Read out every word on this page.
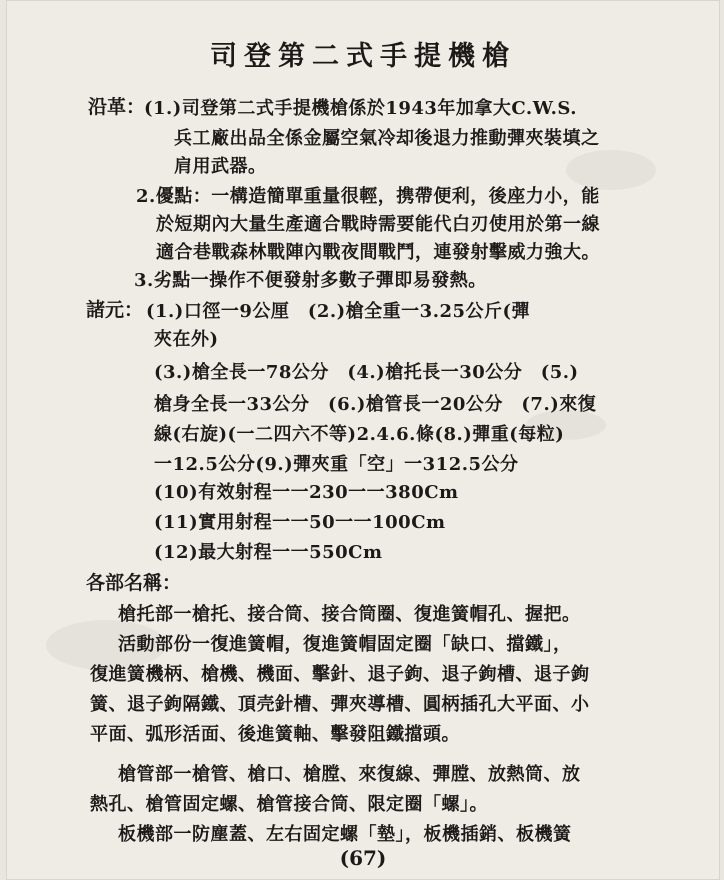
司登第二式手提機槍
沿革：
(1.)司登第二式手提機槍係於1943年加拿大C.W.S.
兵工廠出品全係金屬空氣冷却後退力推動彈夾裝填之
肩用武器。
2.優點：一構造簡單重量很輕，携帶便利，後座力小，能
於短期內大量生產適合戰時需要能代白刃使用於第一線
適合巷戰森林戰陣內戰夜間戰鬥，連發射擊威力強大。
3.劣點一操作不便發射多數子彈即易發熱。
諸元： (1.)口徑一9公厘　(2.)槍全重一3.25公斤(彈
夾在外)
(3.)槍全長一78公分　(4.)槍托長一30公分　(5.)
槍身全長一33公分　(6.)槍管長一20公分　(7.)來復
線(右旋)(一二四六不等)2.4.6.條(8.)彈重(每粒)
一12.5公分(9.)彈夾重「空」一312.5公分
(10)有效射程一一230一一380Cm
(11)實用射程一一50一一100Cm
(12)最大射程一一550Cm
各部名稱：
槍托部一槍托、接合筒、接合筒圈、復進簧帽孔、握把。
活動部份一復進簧帽，復進簧帽固定圈「缺口、擋鐵」，
復進簧機柄、槍機、機面、擊針、退子鉤、退子鉤槽、退子鉤
簧、退子鉤隔鐵、頂壳針槽、彈夾導槽、圓柄插孔大平面、小
平面、弧形活面、後進簧軸、擊發阻鐵擋頭。
槍管部一槍管、槍口、槍膛、來復線、彈膛、放熱筒、放
熱孔、槍管固定螺、槍管接合筒、限定圈「螺」。
板機部一防塵蓋、左右固定螺「墊」，板機插銷、板機簧
(67)
